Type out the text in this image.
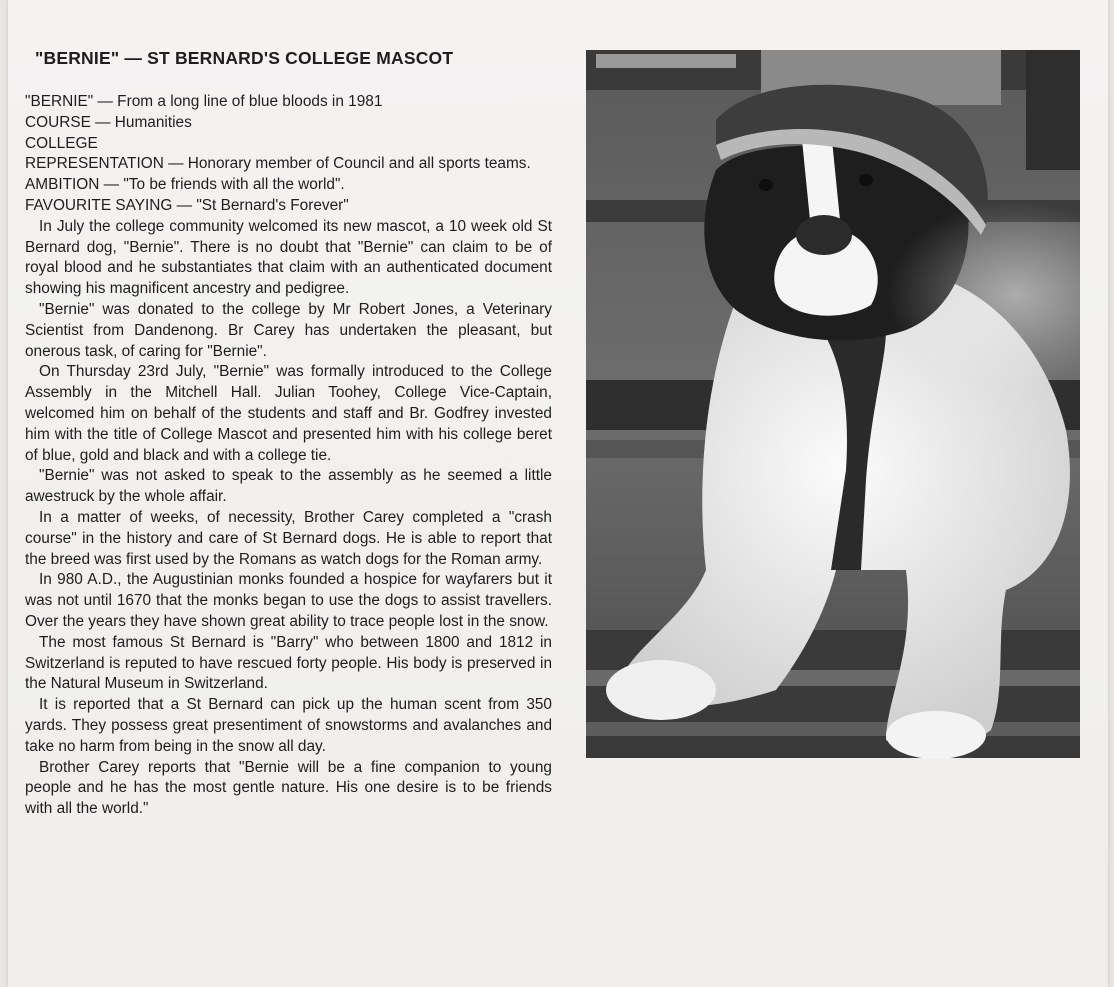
"BERNIE" — ST BERNARD'S COLLEGE MASCOT

"BERNIE" — From a long line of blue bloods in 1981

COURSE — Humanities

COLLEGE

REPRESENTATION — Honorary member of Council and all sports teams.

AMBITION — "To be friends with all the world".

FAVOURITE SAYING — "St Bernard's Forever"

In July the college community welcomed its new mascot, a 10 week old St Bernard dog, "Bernie". There is no doubt that "Bernie" can claim to be of royal blood and he substantiates that claim with an authenticated document showing his magnificent ancestry and pedigree.

"Bernie" was donated to the college by Mr Robert Jones, a Veterinary Scientist from Dandenong. Br Carey has undertaken the pleasant, but onerous task, of caring for "Bernie".

On Thursday 23rd July, "Bernie" was formally introduced to the College Assembly in the Mitchell Hall. Julian Toohey, College Vice-Captain, welcomed him on behalf of the students and staff and Br. Godfrey invested him with the title of College Mascot and presented him with his college beret of blue, gold and black and with a college tie.

"Bernie" was not asked to speak to the assembly as he seemed a little awestruck by the whole affair.

In a matter of weeks, of necessity, Brother Carey completed a "crash course" in the history and care of St Bernard dogs. He is able to report that the breed was first used by the Romans as watch dogs for the Roman army.

In 980 A.D., the Augustinian monks founded a hospice for wayfarers but it was not until 1670 that the monks began to use the dogs to assist travellers. Over the years they have shown great ability to trace people lost in the snow.

The most famous St Bernard is "Barry" who between 1800 and 1812 in Switzerland is reputed to have rescued forty people. His body is preserved in the Natural Museum in Switzerland.

It is reported that a St Bernard can pick up the human scent from 350 yards. They possess great presentiment of snowstorms and avalanches and take no harm from being in the snow all day.

Brother Carey reports that "Bernie will be a fine companion to young people and he has the most gentle nature. His one desire is to be friends with all the world."
